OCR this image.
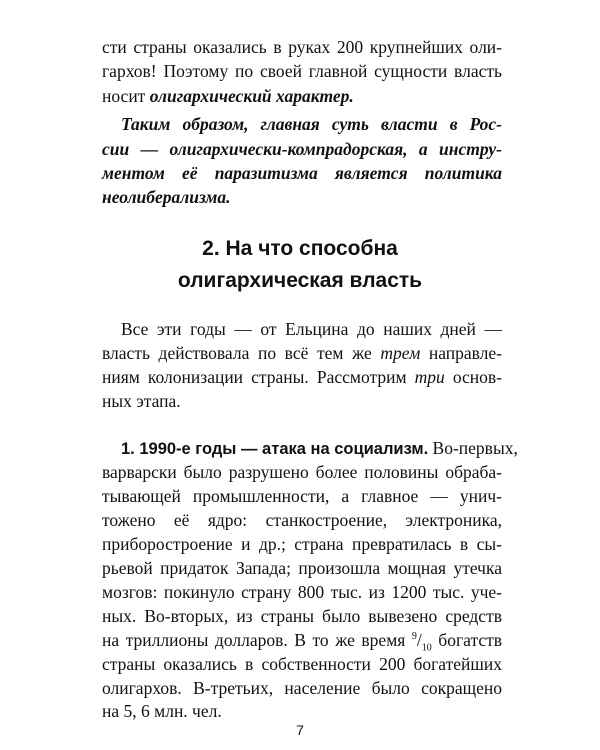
сти страны оказались в руках 200 крупнейших оли-
гархов! Поэтому по своей главной сущности власть
носит олигархический характер.
Таким образом, главная суть власти в Рос-
сии — олигархически-компрадорская, а инстру-
ментом её паразитизма является политика
неолиберализма.
2. На что способна
олигархическая власть
Все эти годы — от Ельцина до наших дней —
власть действовала по всё тем же трем направле-
ниям колонизации страны. Рассмотрим три основ-
ных этапа.
1. 1990-е годы — атака на социализм. Во-первых,
варварски было разрушено более половины обраба-
тывающей промышленности, а главное — унич-
тожено её ядро: станкостроение, электроника,
приборостроение и др.; страна превратилась в сы-
рьевой придаток Запада; произошла мощная утечка
мозгов: покинуло страну 800 тыс. из 1200 тыс. уче-
ных. Во-вторых, из страны было вывезено средств
на триллионы долларов. В то же время $^9/_{10}$ богатств
страны оказались в собственности 200 богатейших
олигархов. В-третьих, население было сокращено
на 5, 6 млн. чел.
7
